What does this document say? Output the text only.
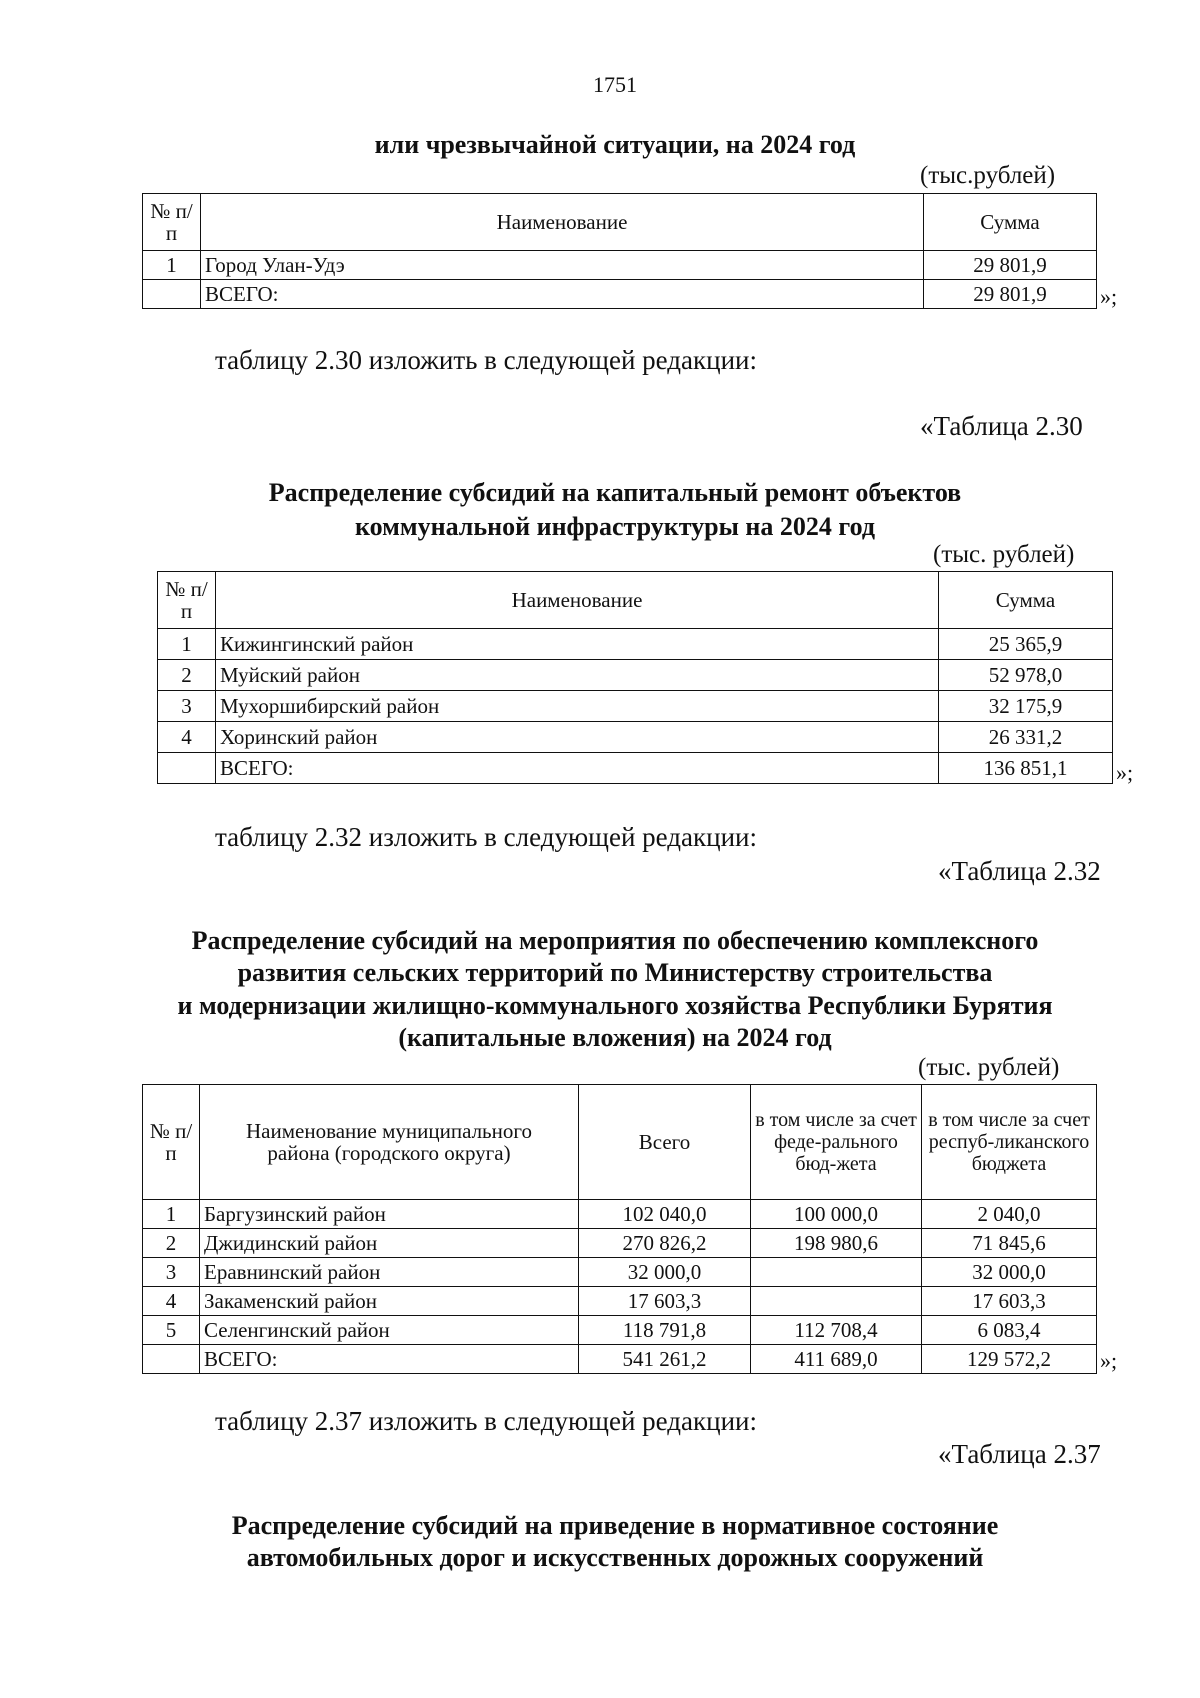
1751
или чрезвычайной ситуации, на 2024 год
(тыс.рублей)
№ п/п	Наименование	Сумма
1	Город Улан-Удэ	29 801,9
	ВСЕГО:	29 801,9 »;
таблицу 2.30 изложить в следующей редакции:
«Таблица 2.30
Распределение субсидий на капитальный ремонт объектов
коммунальной инфраструктуры на 2024 год
(тыс. рублей)
№ п/п	Наименование	Сумма
1	Кижингинский район	25 365,9
2	Муйский район	52 978,0
3	Мухоршибирский район	32 175,9
4	Хоринский район	26 331,2
	ВСЕГО:	136 851,1 »;
таблицу 2.32 изложить в следующей редакции:
«Таблица 2.32
Распределение субсидий на мероприятия по обеспечению комплексного
развития сельских территорий по Министерству строительства
и модернизации жилищно-коммунального хозяйства Республики Бурятия
(капитальные вложения) на 2024 год
(тыс. рублей)
№ п/п	Наименование муниципального района (городского округа)	Всего	в том числе за счет феде-рального бюд-жета	в том числе за счет респуб-ликанского бюджета
1	Баргузинский район	102 040,0	100 000,0	2 040,0
2	Джидинский район	270 826,2	198 980,6	71 845,6
3	Еравнинский район	32 000,0		32 000,0
4	Закаменский район	17 603,3		17 603,3
5	Селенгинский район	118 791,8	112 708,4	6 083,4
	ВСЕГО:	541 261,2	411 689,0	129 572,2 »;
таблицу 2.37 изложить в следующей редакции:
«Таблица 2.37
Распределение субсидий на приведение в нормативное состояние
автомобильных дорог и искусственных дорожных сооружений
